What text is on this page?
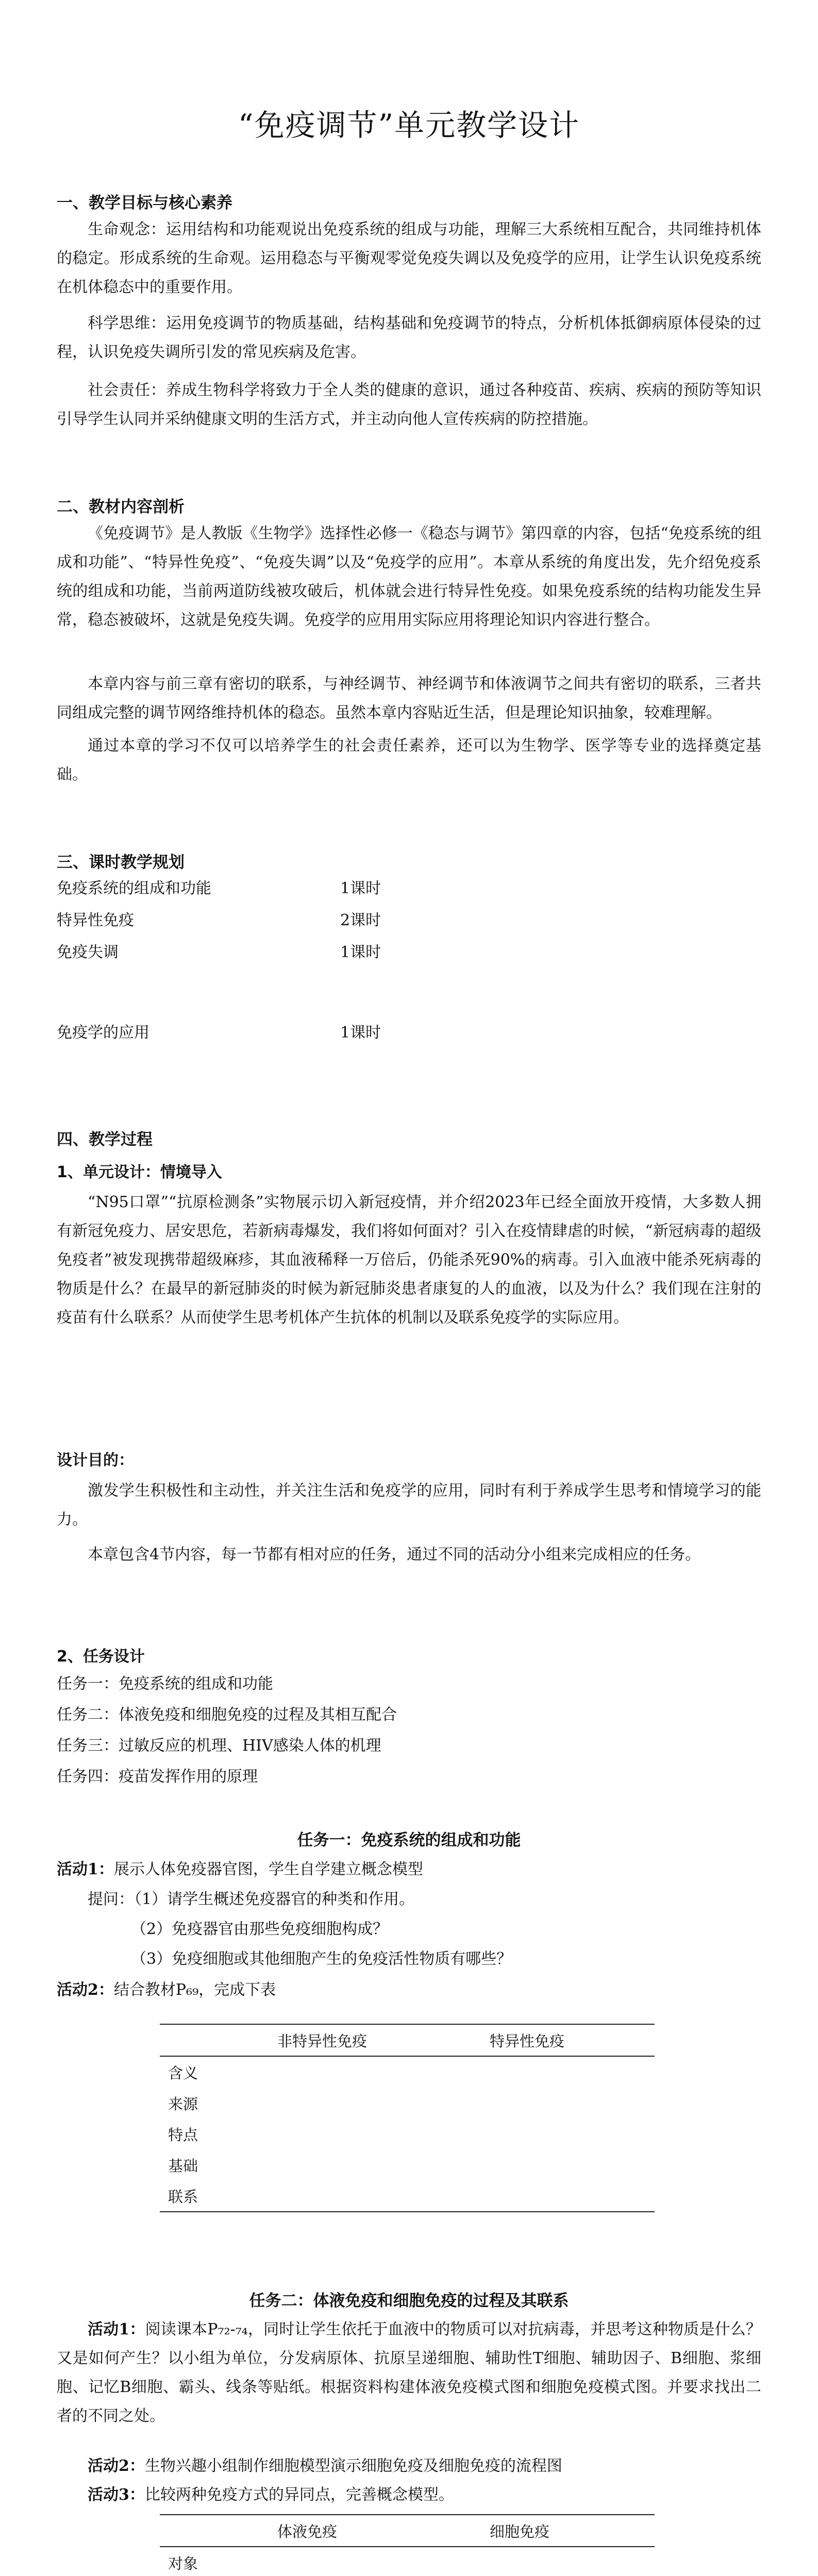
“免疫调节”单元教学设计
一、教学目标与核心素养

生命观念：运用结构和功能观说出免疫系统的组成与功能，理解三大系统相互配合，共同维持机体的稳定。形成系统的生命观。运用稳态与平衡观零觉免疫失调以及免疫学的应用，让学生认识免疫系统在机体稳态中的重要作用。

科学思维：运用免疫调节的物质基础，结构基础和免疫调节的特点，分析机体抵御病原体侵染的过程，认识免疫失调所引发的常见疾病及危害。

社会责任：养成生物科学将致力于全人类的健康的意识，通过各种疫苗、疾病、疾病的预防等知识引导学生认同并采纳健康文明的生活方式，并主动向他人宣传疾病的防控措施。

二、教材内容剖析

《免疫调节》是人教版《生物学》选择性必修一《稳态与调节》第四章的内容，包括“免疫系统的组成和功能”、“特异性免疫”、“免疫失调”以及“免疫学的应用”。本章从系统的角度出发，先介绍免疫系统的组成和功能，当前两道防线被攻破后，机体就会进行特异性免疫。如果免疫系统的结构功能发生异常，稳态被破坏，这就是免疫失调。免疫学的应用用实际应用将理论知识内容进行整合。

本章内容与前三章有密切的联系，与神经调节、神经调节和体液调节之间共有密切的联系，三者共同组成完整的调节网络维持机体的稳态。虽然本章内容贴近生活，但是理论知识抽象，较难理解。

通过本章的学习不仅可以培养学生的社会责任素养，还可以为生物学、医学等专业的选择奠定基础。

三、课时教学规划
免疫系统的组成和功能	1课时
特异性免疫	2课时
免疫失调	1课时
免疫学的应用	1课时
四、教学过程
1、单元设计：情境导入

“N95口罩”“抗原检测条”实物展示切入新冠疫情，并介绍2023年已经全面放开疫情，大多数人拥有新冠免疫力、居安思危，若新病毒爆发，我们将如何面对？引入在疫情肆虐的时候，“新冠病毒的超级免疫者”被发现携带超级麻疹，其血液稀释一万倍后，仍能杀死90%的病毒。引入血液中能杀死病毒的物质是什么？在最早的新冠肺炎的时候为新冠肺炎患者康复的人的血液，以及为什么？我们现在注射的疫苗有什么联系？从而使学生思考机体产生抗体的机制以及联系免疫学的实际应用。

设计目的：

激发学生积极性和主动性，并关注生活和免疫学的应用，同时有利于养成学生思考和情境学习的能力。

本章包含4节内容，每一节都有相对应的任务，通过不同的活动分小组来完成相应的任务。

2、任务设计
任务一：免疫系统的组成和功能
任务二：体液免疫和细胞免疫的过程及其相互配合
任务三：过敏反应的机理、HIV感染人体的机理
任务四：疫苗发挥作用的原理
任务一：免疫系统的组成和功能
活动1：展示人体免疫器官图，学生自学建立概念模型
提问：（1）请学生概述免疫器官的种类和作用。
（2）免疫器官由那些免疫细胞构成？
（3）免疫细胞或其他细胞产生的免疫活性物质有哪些？
活动2：结合教材P₆₉，完成下表
	非特异性免疫	特异性免疫
含义		
来源		
特点		
基础		
联系		
任务二：体液免疫和细胞免疫的过程及其联系

活动1：阅读课本P₇₂-₇₄，同时让学生依托于血液中的物质可以对抗病毒，并思考这种物质是什么？又是如何产生？以小组为单位，分发病原体、抗原呈递细胞、辅助性T细胞、辅助因子、B细胞、浆细胞、记忆B细胞、霸头、线条等贴纸。根据资料构建体液免疫模式图和细胞免疫模式图。并要求找出二者的不同之处。

活动2：生物兴趣小组制作细胞模型演示细胞免疫及细胞免疫的流程图
活动3：比较两种免疫方式的异同点，完善概念模型。
	体液免疫	细胞免疫
对象		
